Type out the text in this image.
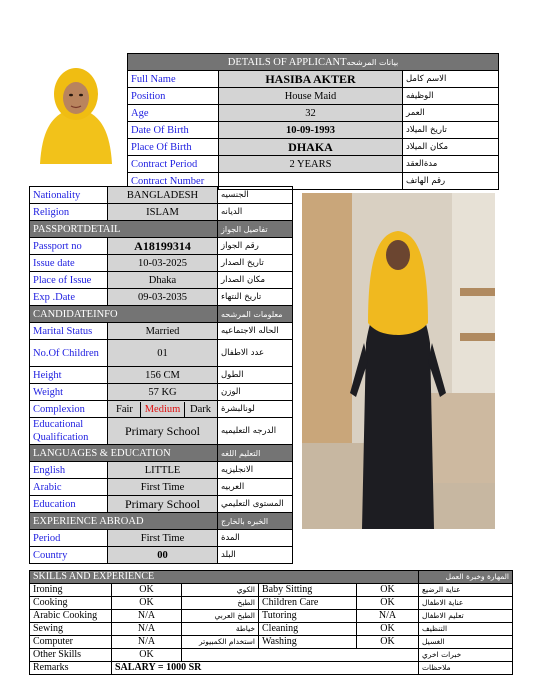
DETAILS OF APPLICANTبيانات المرشحه		
Full Name	HASIBA AKTER	الاسم كامل
Position	House Maid	الوظيفه
Age	32	العمر
Date Of Birth	10-09-1993	تاريخ الميلاد
Place Of Birth	DHAKA	مكان الميلاد
Contract Period	2 YEARS	مدةالعقد
Contract Number		رقم الهاتف
Nationality	BANGLADESH	الجنسيه
Religion	ISLAM	الديانه
PASSPORTDETAIL		تفاصيل الجواز
Passport no	A18199314	رقم الجواز
Issue date	10-03-2025	تاريخ الصدار
Place of Issue	Dhaka	مكان الصدار
Exp .Date	09-03-2035	تاريخ النتهاء
CANDIDATEINFO		معلومات المرشحه
Marital Status	Married	الحاله الاجتماعيه
No.Of Children	01	عدد الاطفال
Height	156 CM	الطول
Weight	57 KG	الوزن
Complexion	Fair Medium Dark	لونالبشرة
Educational Qualification	Primary School	الدرجه التعليميه
LANGUAGES & EDUCATION		التعليم اللغه
English	LITTLE	الانجليزيه
Arabic	First Time	العربيه
Education	Primary School	المستوى التعليمي
EXPERIENCE ABROAD		الخبره بالخارج
Period	First Time	المدة
Country	00	البلد
SKILLS AND EXPERIENCE					المهارة وخبرة العمل
Ironing	OK	الكوي	Baby Sitting	OK	عناية الرضيع
Cooking	OK	الطبخ	Children Care	OK	عناية الاطفال
Arabic Cooking	N/A	الطبخ العربي	Tutoring	N/A	تعليم الاطفال
Sewing	N/A	خياطة	Cleaning	OK	التنظيف
Computer	N/A	استخدام الكمبيوتر	Washing	OK	الغسيل
Other Skills	OK				خبرات اخري
Remarks	SALARY = 1000 SR				ملاحظات
